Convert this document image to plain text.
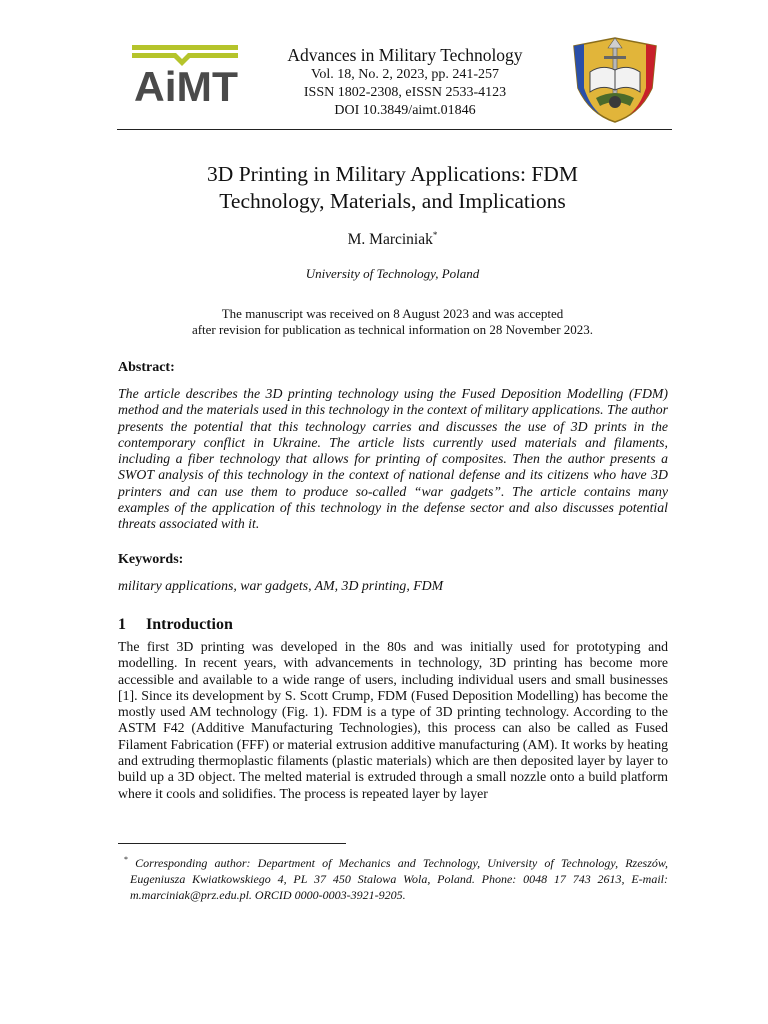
AiMT
Advances in Military Technology
Vol. 18, No. 2, 2023, pp. 241-257
ISSN 1802-2308, eISSN 2533-4123
DOI 10.3849/aimt.01846
3D Printing in Military Applications: FDM
Technology, Materials, and Implications
M. Marciniak*
University of Technology, Poland
The manuscript was received on 8 August 2023 and was accepted
after revision for publication as technical information on 28 November 2023.
Abstract:

The article describes the 3D printing technology using the Fused Deposition Modelling (FDM) method and the materials used in this technology in the context of military applications. The author presents the potential that this technology carries and discusses the use of 3D prints in the contemporary conflict in Ukraine. The article lists currently used materials and filaments, including a fiber technology that allows for printing of composites. Then the author presents a SWOT analysis of this technology in the context of national defense and its citizens who have 3D printers and can use them to produce so-called “war gadgets”. The article contains many examples of the application of this technology in the defense sector and also discusses potential threats associated with it.

Keywords:
military applications, war gadgets, AM, 3D printing, FDM
1 Introduction

The first 3D printing was developed in the 80s and was initially used for prototyping and modelling. In recent years, with advancements in technology, 3D printing has become more accessible and available to a wide range of users, including individual users and small businesses [1]. Since its development by S. Scott Crump, FDM (Fused Deposition Modelling) has become the mostly used AM technology (Fig. 1). FDM is a type of 3D printing technology. According to the ASTM F42 (Additive Manufacturing Technologies), this process can also be called as Fused Filament Fabrication (FFF) or material extrusion additive manufacturing (AM). It works by heating and extruding thermoplastic filaments (plastic materials) which are then deposited layer by layer to build up a 3D object. The melted material is extruded through a small nozzle onto a build platform where it cools and solidifies. The process is repeated layer by layer

* Corresponding author: Department of Mechanics and Technology, University of Technology, Rzeszów, Eugeniusza Kwiatkowskiego 4, PL 37 450 Stalowa Wola, Poland. Phone: 0048 17 743 2613, E-mail: m.marciniak@prz.edu.pl. ORCID 0000-0003-3921-9205.
